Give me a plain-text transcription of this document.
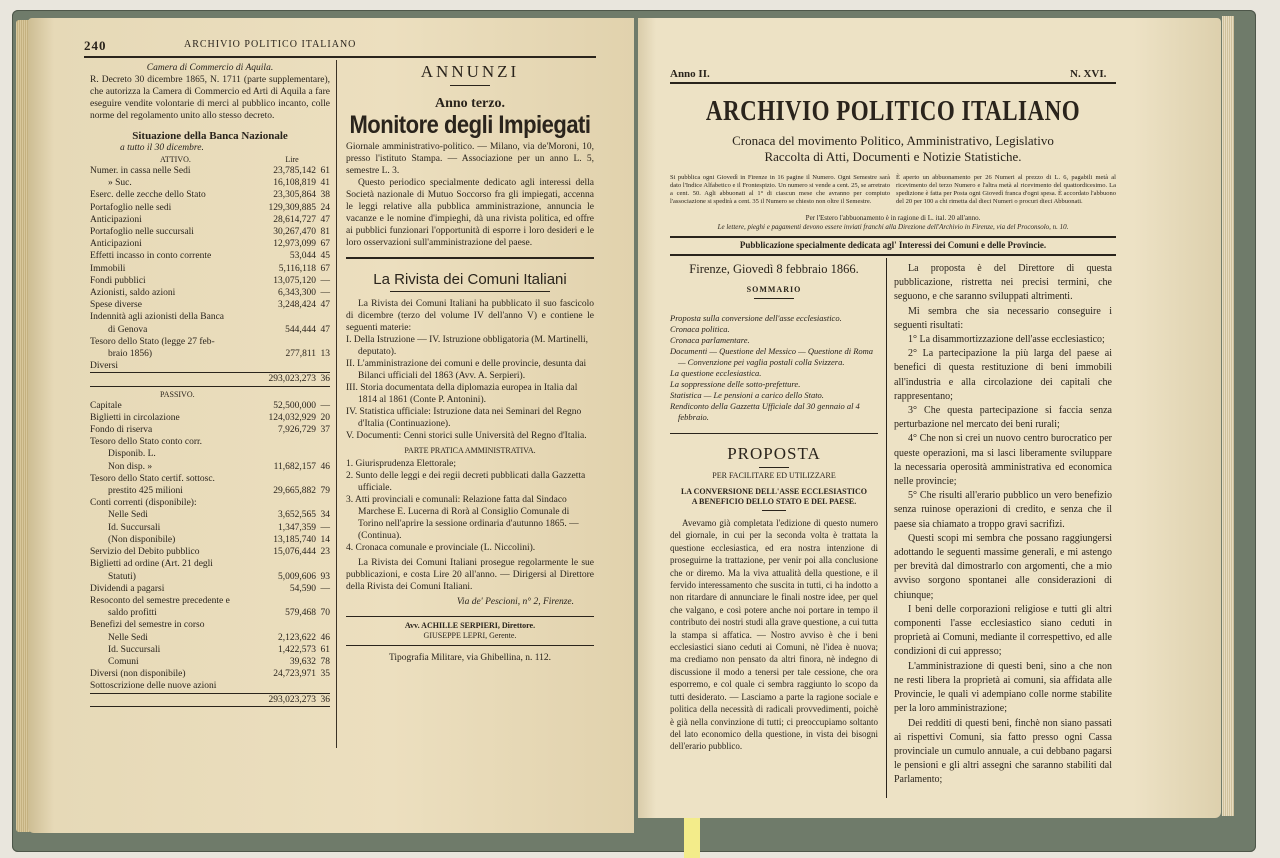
240	ARCHIVIO POLITICO ITALIANO
Camera di Commercio di Aquila.
R. Decreto 30 dicembre 1865, N. 1711 (parte supplementare), che autorizza la Camera di Commercio ed Arti di Aquila a fare eseguire vendite volontarie di merci al pubblico incanto, colle norme del regolamento unito allo stesso decreto.
Situazione della Banca Nazionale
a tutto il 30 dicembre.
ATTIVO.	Lire
Numer. in cassa nelle Sedi	23,785,142 61
» Suc.	16,108,819 41
Eserc. delle zecche dello Stato	23,305,864 38
Portafoglio nelle sedi	129,309,885 24
Anticipazioni	28,614,727 47
Portafoglio nelle succursali	30,267,470 81
Anticipazioni	12,973,099 67
Effetti incasso in conto corrente	53,044 45
Immobili	5,116,118 67
Fondi pubblici	13,075,120 —
Azionisti, saldo azioni	6,343,300 —
Spese diverse	3,248,424 47
Indennità agli azionisti della Banca
di Genova	544,444 47
Tesoro dello Stato (legge 27 feb-
braio 1856)	277,811 13
Diversi
293,023,273 36
PASSIVO.
Capitale	52,500,000 —
Biglietti in circolazione	124,032,929 20
Fondo di riserva	7,926,729 37
Tesoro dello Stato conto corr.
Disponib. L.
Non disp. »	11,682,157 46
Tesoro dello Stato certif. sottosc.
prestito 425 milioni	29,665,882 79
Conti correnti (disponibile):
Nelle Sedi	3,652,565 34
Id. Succursali	1,347,359 —
(Non disponibile)	13,185,740 14
Servizio del Debito pubblico	15,076,444 23
Biglietti ad ordine (Art. 21 degli
Statuti)	5,009,606 93
Dividendi a pagarsi	54,590 —
Resoconto del semestre precedente e
saldo profitti	579,468 70
Benefizi del semestre in corso
Nelle Sedi	2,123,622 46
Id. Succursali	1,422,573 61
Comuni	39,632 78
Diversi (non disponibile)	24,723,971 35
Sottoscrizione delle nuove azioni
293,023,273 36
ANNUNZI
Anno terzo.
Monitore degli Impiegati
Giornale amministrativo-politico. — Milano, via de'Moroni, 10, presso l'istituto Stampa. — Associazione per un anno L. 5, semestre L. 3.
Questo periodico specialmente dedicato agli interessi della Società nazionale di Mutuo Soccorso fra gli impiegati, accenna le leggi relative alla pubblica amministrazione, annuncia le vacanze e le nomine d'impieghi, dà una rivista politica, ed offre ai pubblici funzionari l'opportunità di esporre i loro desideri e le loro osservazioni sull'amministrazione del paese.
La Rivista dei Comuni Italiani
La Rivista dei Comuni Italiani ha pubblicato il suo fascicolo di dicembre (terzo del volume IV dell'anno V) e contiene le seguenti materie:
I. Della Istruzione — IV. Istruzione obbligatoria (M. Martinelli, deputato).
II. L'amministrazione dei comuni e delle provincie, desunta dai Bilanci ufficiali del 1863 (Avv. A. Serpieri).
III. Storia documentata della diplomazia europea in Italia dal 1814 al 1861 (Conte P. Antonini).
IV. Statistica ufficiale: Istruzione data nei Seminari del Regno d'Italia (Continuazione).
V. Documenti: Cenni storici sulle Università del Regno d'Italia.
PARTE PRATICA AMMINISTRATIVA.
1. Giurisprudenza Elettorale;
2. Sunto delle leggi e dei regii decreti pubblicati dalla Gazzetta ufficiale.
3. Atti provinciali e comunali: Relazione fatta dal Sindaco Marchese E. Lucerna di Rorà al Consiglio Comunale di Torino nell'aprire la sessione ordinaria d'autunno 1865. — (Continua).
4. Cronaca comunale e provinciale (L. Niccolini).
La Rivista dei Comuni Italiani prosegue regolarmente le sue pubblicazioni, e costa Lire 20 all'anno. — Dirigersi al Direttore della Rivista dei Comuni Italiani.
Via de' Pescioni, n° 2, Firenze.
Avv. ACHILLE SERPIERI, Direttore.
GIUSEPPE LEPRI, Gerente.
Tipografia Militare, via Ghibellina, n. 112.
Anno II.	N. XVI.
ARCHIVIO POLITICO ITALIANO
Cronaca del movimento Politico, Amministrativo, Legislativo
Raccolta di Atti, Documenti e Notizie Statistiche.
Si pubblica ogni Giovedì in Firenze in 16 pagine il Numero. Ogni Semestre sarà dato l'Indice Alfabetico e il Frontespizio. Un numero si vende a cent. 25, se arretrato a cent. 50. Agli abbuonati al 1° di ciascun mese che avranno per compiuto l'associazione si spedirà a cent. 35 il Numero se chiesto non oltre il Semestre.
È aperto un abbuonamento per 26 Numeri al prezzo di L. 6, pagabili metà al ricevimento del terzo Numero e l'altra metà al ricevimento del quattordicesimo. La spedizione è fatta per Posta ogni Giovedì franca d'ogni spesa. È accordato l'abbuono del 20 per 100 a chi rimetta dal dieci Numeri o procuri dieci Abbuonati.
Per l'Estero l'abbuonamento è in ragione di L. ital. 20 all'anno.
Le lettere, pieghi e pagamenti devono essere inviati franchi alla Direzione dell'Archivio in Firenze, via del Proconsolo, n. 10.
Pubblicazione specialmente dedicata agl' Interessi dei Comuni e delle Provincie.
Firenze, Giovedì 8 febbraio 1866.
SOMMARIO
Proposta sulla conversione dell'asse ecclesiastico.
Cronaca politica.
Cronaca parlamentare.
Documenti — Questione del Messico — Questione di Roma — Convenzione pei vaglia postali colla Svizzera.
La questione ecclesiastica.
La soppressione delle sotto-prefetture.
Statistica — Le pensioni a carico dello Stato.
Rendiconto della Gazzetta Ufficiale dal 30 gennaio al 4 febbraio.
PROPOSTA
PER FACILITARE ED UTILIZZARE
LA CONVERSIONE DELL'ASSE ECCLESIASTICO
A BENEFICIO DELLO STATO E DEL PAESE.
Avevamo già completata l'edizione di questo numero del giornale, in cui per la seconda volta è trattata la questione ecclesiastica, ed era nostra intenzione di proseguirne la trattazione, per venir poi alla conclusione che or diremo. Ma la viva attualità della questione, e il fervido interessamento che suscita in tutti, ci ha indotto a non ritardare di annunciare le finali nostre idee, per quel che valgano, e così potere anche noi portare in tempo il contributo dei nostri studi alla grave questione, a cui tutta la stampa si affatica. — Nostro avviso è che i beni ecclesiastici siano ceduti ai Comuni, nè l'idea è nuova; ma crediamo non pensato da altri finora, nè indegno di discussione il modo a tenersi per tale cessione, che ora esporremo, e col quale ci sembra raggiunto lo scopo da tutti desiderato. — Lasciamo a parte la ragione sociale e politica della necessità di radicali provvedimenti, poichè è già nella convinzione di tutti; ci preoccupiamo soltanto del lato economico della questione, in vista dei bisogni dell'erario pubblico.
La proposta è del Direttore di questa pubblicazione, ristretta nei precisi termini, che seguono, e che saranno sviluppati altrimenti.
Mi sembra che sia necessario conseguire i seguenti risultati:
1° La disammortizzazione dell'asse ecclesiastico;
2° La partecipazione la più larga del paese ai benefici di questa restituzione di beni immobili all'industria e alla circolazione dei capitali che rappresentano;
3° Che questa partecipazione si faccia senza perturbazione nel mercato dei beni rurali;
4° Che non si crei un nuovo centro burocratico per queste operazioni, ma si lasci liberamente sviluppare la necessaria operosità amministrativa ed economica nelle provincie;
5° Che risulti all'erario pubblico un vero benefizio senza ruinose operazioni di credito, e senza che il paese sia chiamato a troppo gravi sacrifizi.
Questi scopi mi sembra che possano raggiungersi adottando le seguenti massime generali, e mi astengo per brevità dal dimostrarlo con argomenti, che a mio avviso sorgono spontanei alle considerazioni di chiunque;
I beni delle corporazioni religiose e tutti gli altri componenti l'asse ecclesiastico siano ceduti in proprietà ai Comuni, mediante il correspettivo, ed alle condizioni di cui appresso;
L'amministrazione di questi beni, sino a che non ne resti libera la proprietà ai comuni, sia affidata alle Provincie, le quali vi adempiano colle norme stabilite per la loro amministrazione;
Dei redditi di questi beni, finchè non siano passati ai rispettivi Comuni, sia fatto presso ogni Cassa provinciale un cumulo annuale, a cui debbano pagarsi le pensioni e gli altri assegni che saranno stabiliti dal Parlamento;
